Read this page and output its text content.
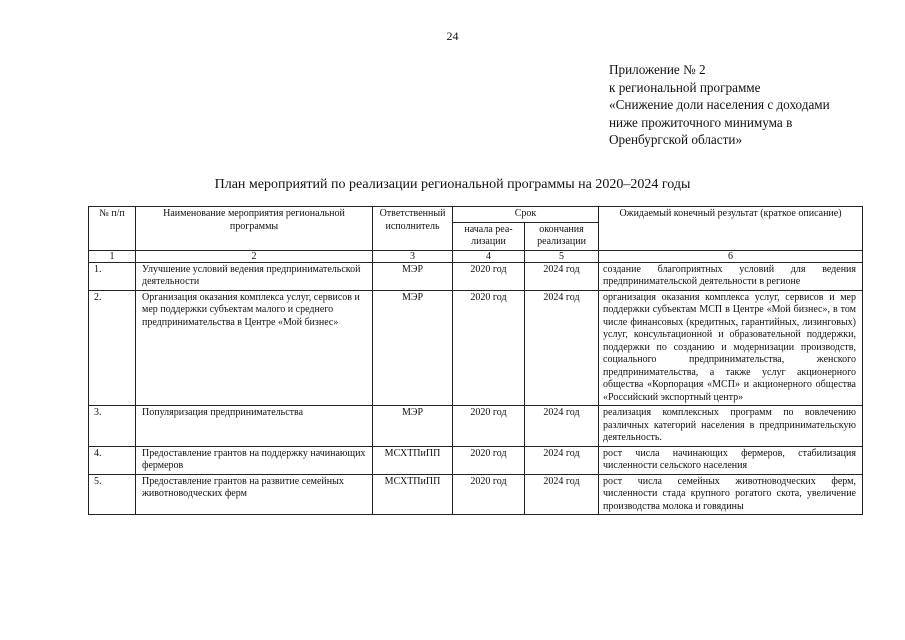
24
Приложение № 2
к региональной программе
«Снижение доли населения с доходами
ниже прожиточного минимума в
Оренбургской области»
План мероприятий по реализации региональной программы на 2020–2024 годы
№ п/п	Наименование мероприятия региональной программы	Ответственный исполнитель	Срок		Ожидаемый конечный результат (краткое описание)
			начала реа-лизации	окончания реализации	
1	2	3	4	5	6
1.	Улучшение условий ведения предпринимательской деятельности	МЭР	2020 год	2024 год	создание благоприятных условий для ведения предпринимательской деятельности в регионе
2.	Организация оказания комплекса услуг, сервисов и мер поддержки субъектам малого и среднего предпринимательства в Центре «Мой бизнес»	МЭР	2020 год	2024 год	организация оказания комплекса услуг, сервисов и мер поддержки субъектам МСП в Центре «Мой бизнес», в том числе финансовых (кредитных, гарантийных, лизинговых) услуг, консультационной и образовательной поддержки, поддержки по созданию и модернизации производств, социального предпринимательства, женского предпринимательства, а также услуг акционерного общества «Корпорация «МСП» и акционерного общества «Российский экспортный центр»
3.	Популяризация предпринимательства	МЭР	2020 год	2024 год	реализация комплексных программ по вовлечению различных категорий населения в предпринимательскую деятельность.
4.	Предоставление грантов на поддержку начинающих фермеров	МСХТПиПП	2020 год	2024 год	рост числа начинающих фермеров, стабилизация численности сельского населения
5.	Предоставление грантов на развитие семейных животноводческих ферм	МСХТПиПП	2020 год	2024 год	рост числа семейных животноводческих ферм, численности стада крупного рогатого скота, увеличение производства молока и говядины
